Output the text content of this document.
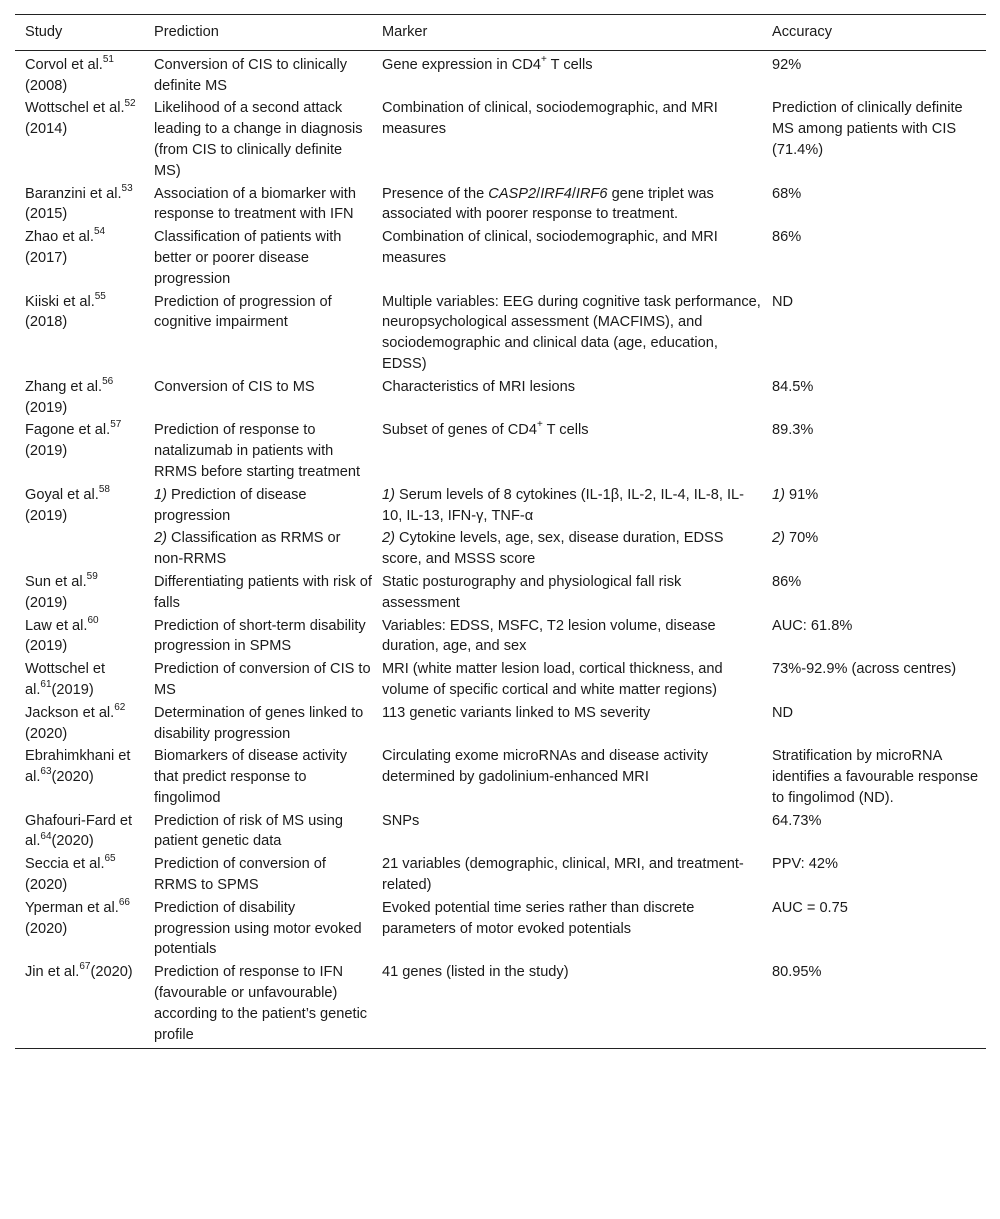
Study	Prediction	Marker	Accuracy
Corvol et al.$^{51}$ (2008)	Conversion of CIS to clinically definite MS	Gene expression in CD4+ T cells	92%
Wottschel et al.$^{52}$ (2014)	Likelihood of a second attack leading to a change in diagnosis (from CIS to clinically definite MS)	Combination of clinical, sociodemographic, and MRI measures	Prediction of clinically definite MS among patients with CIS (71.4%)
Baranzini et al.$^{53}$ (2015)	Association of a biomarker with response to treatment with IFN	Presence of the CASP2/IRF4/IRF6 gene triplet was associated with poorer response to treatment.	68%
Zhao et al.$^{54}$ (2017)	Classification of patients with better or poorer disease progression	Combination of clinical, sociodemographic, and MRI measures	86%
Kiiski et al.$^{55}$ (2018)	Prediction of progression of cognitive impairment	Multiple variables: EEG during cognitive task performance, neuropsychological assessment (MACFIMS), and sociodemographic and clinical data (age, education, EDSS)	ND
Zhang et al.$^{56}$ (2019)	Conversion of CIS to MS	Characteristics of MRI lesions	84.5%
Fagone et al.$^{57}$ (2019)	Prediction of response to natalizumab in patients with RRMS before starting treatment	Subset of genes of CD4+ T cells	89.3%
Goyal et al.$^{58}$ (2019)	1) Prediction of disease progression	1) Serum levels of 8 cytokines (IL-1β, IL-2, IL-4, IL-8, IL-10, IL-13, IFN-γ, TNF-α	1) 91%
	2) Classification as RRMS or non-RRMS	2) Cytokine levels, age, sex, disease duration, EDSS score, and MSSS score	2) 70%
Sun et al.$^{59}$ (2019)	Differentiating patients with risk of falls	Static posturography and physiological fall risk assessment	86%
Law et al.$^{60}$ (2019)	Prediction of short-term disability progression in SPMS	Variables: EDSS, MSFC, T2 lesion volume, disease duration, age, and sex	AUC: 61.8%
Wottschel et al.$^{61}$(2019)	Prediction of conversion of CIS to MS	MRI (white matter lesion load, cortical thickness, and volume of specific cortical and white matter regions)	73%-92.9% (across centres)
Jackson et al.$^{62}$ (2020)	Determination of genes linked to disability progression	113 genetic variants linked to MS severity	ND
Ebrahimkhani et al.$^{63}$(2020)	Biomarkers of disease activity that predict response to fingolimod	Circulating exome microRNAs and disease activity determined by gadolinium-enhanced MRI	Stratification by microRNA identifies a favourable response to fingolimod (ND).
Ghafouri-Fard et al.$^{64}$(2020)	Prediction of risk of MS using patient genetic data	SNPs	64.73%
Seccia et al.$^{65}$ (2020)	Prediction of conversion of RRMS to SPMS	21 variables (demographic, clinical, MRI, and treatment-related)	PPV: 42%
Yperman et al.$^{66}$ (2020)	Prediction of disability progression using motor evoked potentials	Evoked potential time series rather than discrete parameters of motor evoked potentials	AUC = 0.75
Jin et al.$^{67}$(2020)	Prediction of response to IFN (favourable or unfavourable) according to the patient’s genetic profile	41 genes (listed in the study)	80.95%
